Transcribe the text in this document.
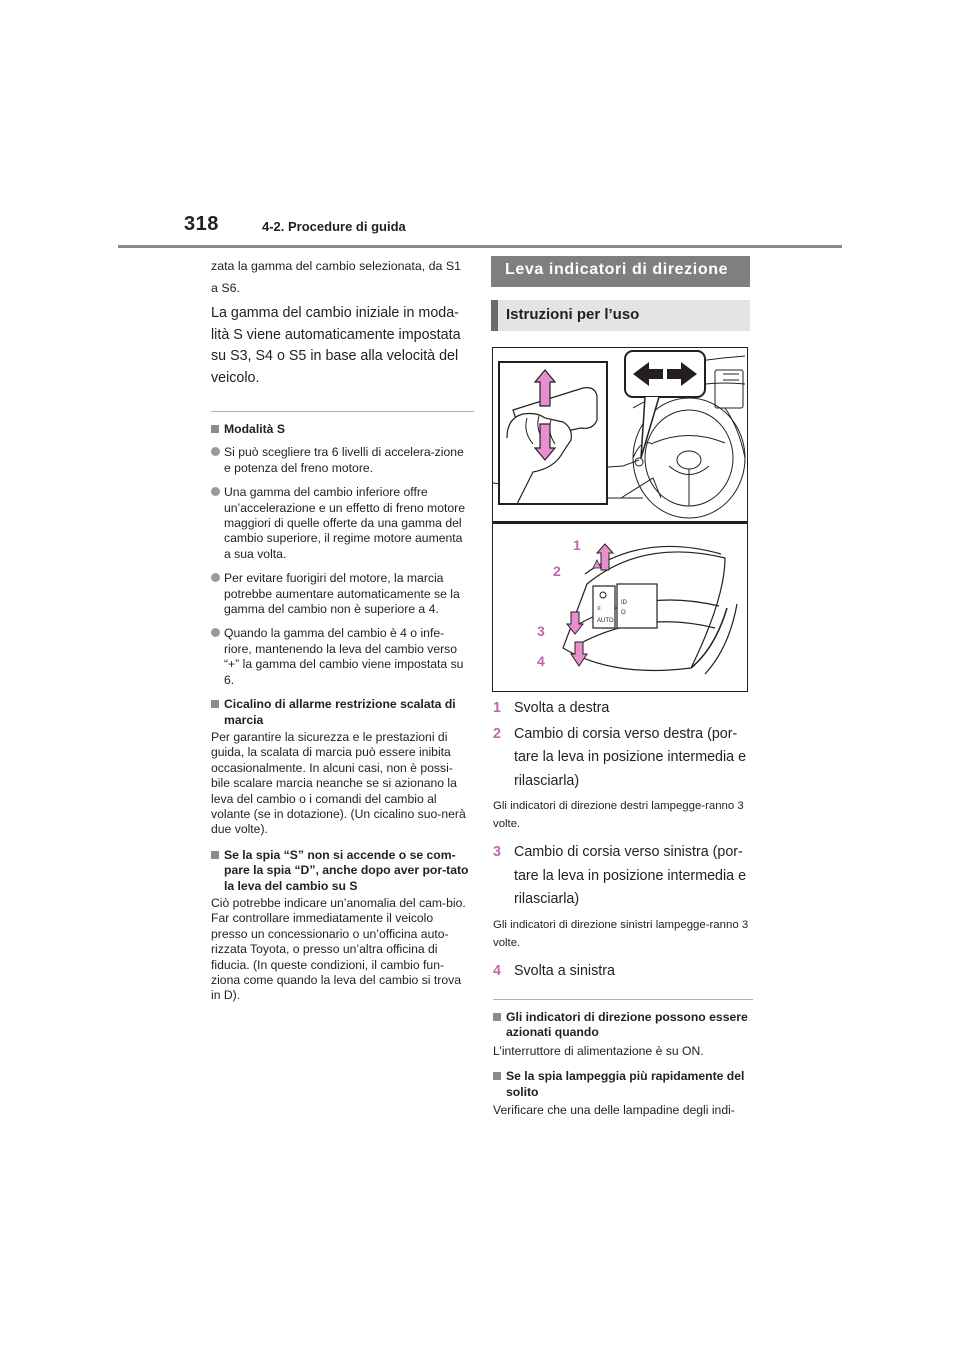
318	4-2. Procedure di guida

zata la gamma del cambio selezionata, da S1 a S6.

La gamma del cambio iniziale in moda-lità S viene automaticamente impostata su S3, S4 o S5 in base alla velocità del veicolo.

Modalità S
Si può scegliere tra 6 livelli di accelera-zione e potenza del freno motore.
Una gamma del cambio inferiore offre un’accelerazione e un effetto di freno motore maggiori di quelle offerte da una gamma del cambio superiore, il regime motore aumenta a sua volta.
Per evitare fuorigiri del motore, la marcia potrebbe aumentare automaticamente se la gamma del cambio non è superiore a 4.
Quando la gamma del cambio è 4 o infe-riore, mantenendo la leva del cambio verso “+” la gamma del cambio viene impostata su 6.
Cicalino di allarme restrizione scalata di marcia

Per garantire la sicurezza e le prestazioni di guida, la scalata di marcia può essere inibita occasionalmente. In alcuni casi, non è possi-bile scalare marcia neanche se si azionano la leva del cambio o i comandi del cambio al volante (se in dotazione). (Un cicalino suo-nerà due volte).

Se la spia “S” non si accende o se com-pare la spia “D”, anche dopo aver por-tato la leva del cambio su S

Ciò potrebbe indicare un’anomalia del cam-bio. Far controllare immediatamente il veicolo presso un concessionario o un’officina auto-rizzata Toyota, o presso un’altra officina di fiducia. (In queste condizioni, il cambio fun-ziona come quando la leva del cambio si trova in D).

Leva indicatori di direzione
Istruzioni per l’uso
≡
ID
O
AUTO
1
2
3
4
1 Svolta a destra
2 Cambio di corsia verso destra (por-tare la leva in posizione intermedia e rilasciarla)

Gli indicatori di direzione destri lampegge-ranno 3 volte.

3 Cambio di corsia verso sinistra (por-tare la leva in posizione intermedia e rilasciarla)

Gli indicatori di direzione sinistri lampegge-ranno 3 volte.

4 Svolta a sinistra
Gli indicatori di direzione possono essere azionati quando

L’interruttore di alimentazione è su ON.

Se la spia lampeggia più rapidamente del solito

Verificare che una delle lampadine degli indi-
